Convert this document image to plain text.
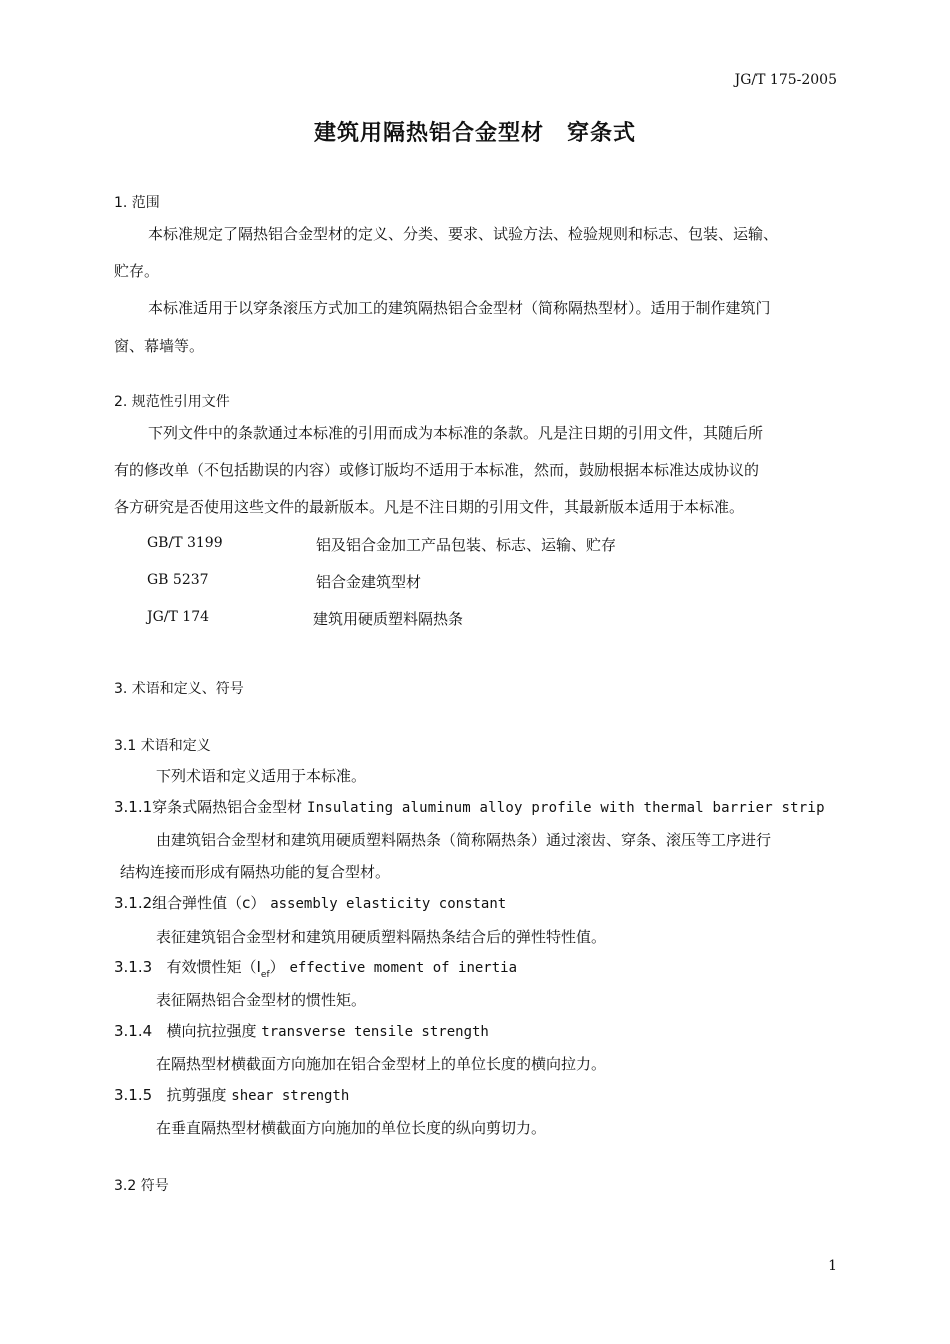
JG/T 175-2005
建筑用隔热铝合金型材　穿条式
1. 范围
本标准规定了隔热铝合金型材的定义、分类、要求、试验方法、检验规则和标志、包装、运输、
贮存。
本标准适用于以穿条滚压方式加工的建筑隔热铝合金型材（简称隔热型材）。适用于制作建筑门
窗、幕墙等。
2. 规范性引用文件
下列文件中的条款通过本标准的引用而成为本标准的条款。凡是注日期的引用文件，其随后所
有的修改单（不包括勘误的内容）或修订版均不适用于本标准，然而，鼓励根据本标准达成协议的
各方研究是否使用这些文件的最新版本。凡是不注日期的引用文件，其最新版本适用于本标准。
GB/T 3199	铝及铝合金加工产品包装、标志、运输、贮存
GB 5237	铝合金建筑型材
JG/T 174	建筑用硬质塑料隔热条
3. 术语和定义、符号
3.1 术语和定义
下列术语和定义适用于本标准。
3.1.1穿条式隔热铝合金型材 Insulating aluminum alloy profile with thermal barrier strip
由建筑铝合金型材和建筑用硬质塑料隔热条（简称隔热条）通过滚齿、穿条、滚压等工序进行
结构连接而形成有隔热功能的复合型材。
3.1.2组合弹性值（c） assembly elasticity constant
表征建筑铝合金型材和建筑用硬质塑料隔热条结合后的弹性特性值。
3.1.3 有效惯性矩$(I_{ef})$ effective moment of inertia
表征隔热铝合金型材的惯性矩。
3.1.4 横向抗拉强度 transverse tensile strength
在隔热型材横截面方向施加在铝合金型材上的单位长度的横向拉力。
3.1.5 抗剪强度 shear strength
在垂直隔热型材横截面方向施加的单位长度的纵向剪切力。
3.2 符号
1
